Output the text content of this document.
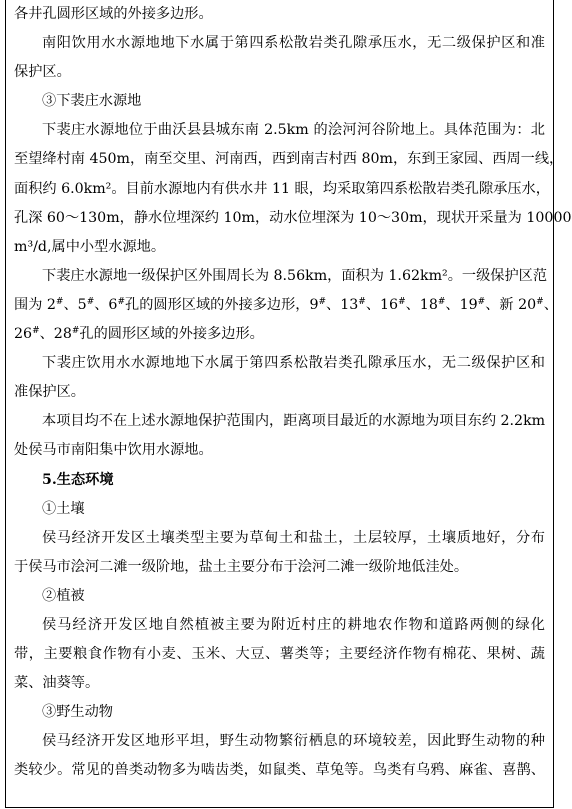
各井孔圆形区域的外接多边形。
南阳饮用水水源地地下水属于第四系松散岩类孔隙承压水，无二级保护区和准
保护区。
③下裴庄水源地
下裴庄水源地位于曲沃县县城东南 2.5km 的浍河河谷阶地上。具体范围为：北
至望绛村南 450m，南至交里、河南西，西到南吉村西 80m，东到王家园、西周一线，
面积约 6.0km²。目前水源地内有供水井 11 眼，均采取第四系松散岩类孔隙承压水，
孔深 60～130m，静水位埋深约 10m，动水位埋深为 10～30m，现状开采量为 10000
m³/d,属中小型水源地。
下裴庄水源地一级保护区外围周长为 8.56km，面积为 1.62km²。一级保护区范
围为 2#、5#、6#孔的圆形区域的外接多边形，9#、13#、16#、18#、19#、新 20#、
26#、28#孔的圆形区域的外接多边形。
下裴庄饮用水水源地地下水属于第四系松散岩类孔隙承压水，无二级保护区和
准保护区。
本项目均不在上述水源地保护范围内，距离项目最近的水源地为项目东约 2.2km
处侯马市南阳集中饮用水源地。
5.生态环境
①土壤
侯马经济开发区土壤类型主要为草甸土和盐土，土层较厚，土壤质地好，分布
于侯马市浍河二滩一级阶地，盐土主要分布于浍河二滩一级阶地低洼处。
②植被
侯马经济开发区地自然植被主要为附近村庄的耕地农作物和道路两侧的绿化
带，主要粮食作物有小麦、玉米、大豆、薯类等；主要经济作物有棉花、果树、蔬
菜、油葵等。
③野生动物
侯马经济开发区地形平坦，野生动物繁衍栖息的环境较差，因此野生动物的种
类较少。常见的兽类动物多为啮齿类，如鼠类、草兔等。鸟类有乌鸦、麻雀、喜鹊、
